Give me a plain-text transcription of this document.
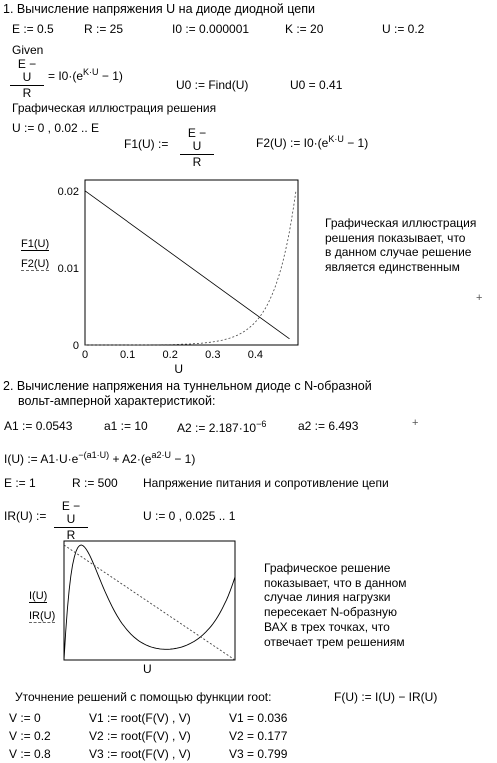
1. Вычисление напряжения U на диоде диодной цепи
E := 0.5	R := 25	I0 := 0.000001	K := 20	U := 0.2
Given
E − U
R
= $I0\cdot(e^{K\cdot U} - 1)$
U0 := Find(U)	U0 = 0.41
Графическая иллюстрация решения
U := 0 , 0.02 .. E
F1(U) :=
E − U
R
F2(U) := $I0\cdot(e^{K\cdot U} - 1)$
0	0.1 0.2 0.3 0.4
0
0.01
0.02
U
F1(U)
F2(U)
Графическая иллюстрация
решения показывает, что
в данном случае решение
является единственным
+
2. Вычисление напряжения на туннельном диоде с N-образной
вольт-амперной характеристикой:
A1 := 0.0543	a1 := 10 A2 := $2.187\cdot 10^{-6}$	a2 := 6.493	+
I(U) := $A1\cdot U\cdot e^{-(a1\cdot U)} + A2\cdot(e^{a2\cdot U} - 1)$
E := 1	R := 500 Напряжение питания и сопротивление цепи
IR(U) :=
E − U
R
U := 0 , 0.025 .. 1
U
I(U)
IR(U)
Графическое решение
показывает, что в данном
случае линия нагрузки
пересекает N-образную
ВАХ в трех точках, что
отвечает трем решениям
Уточнение решений с помощью функции root:	F(U) := I(U) − IR(U)
V := 0	V1 := root(F(V) , V)	V1 = 0.036
V := 0.2	V2 := root(F(V) , V)	V2 = 0.177
V := 0.8	V3 := root(F(V) , V)	V3 = 0.799
